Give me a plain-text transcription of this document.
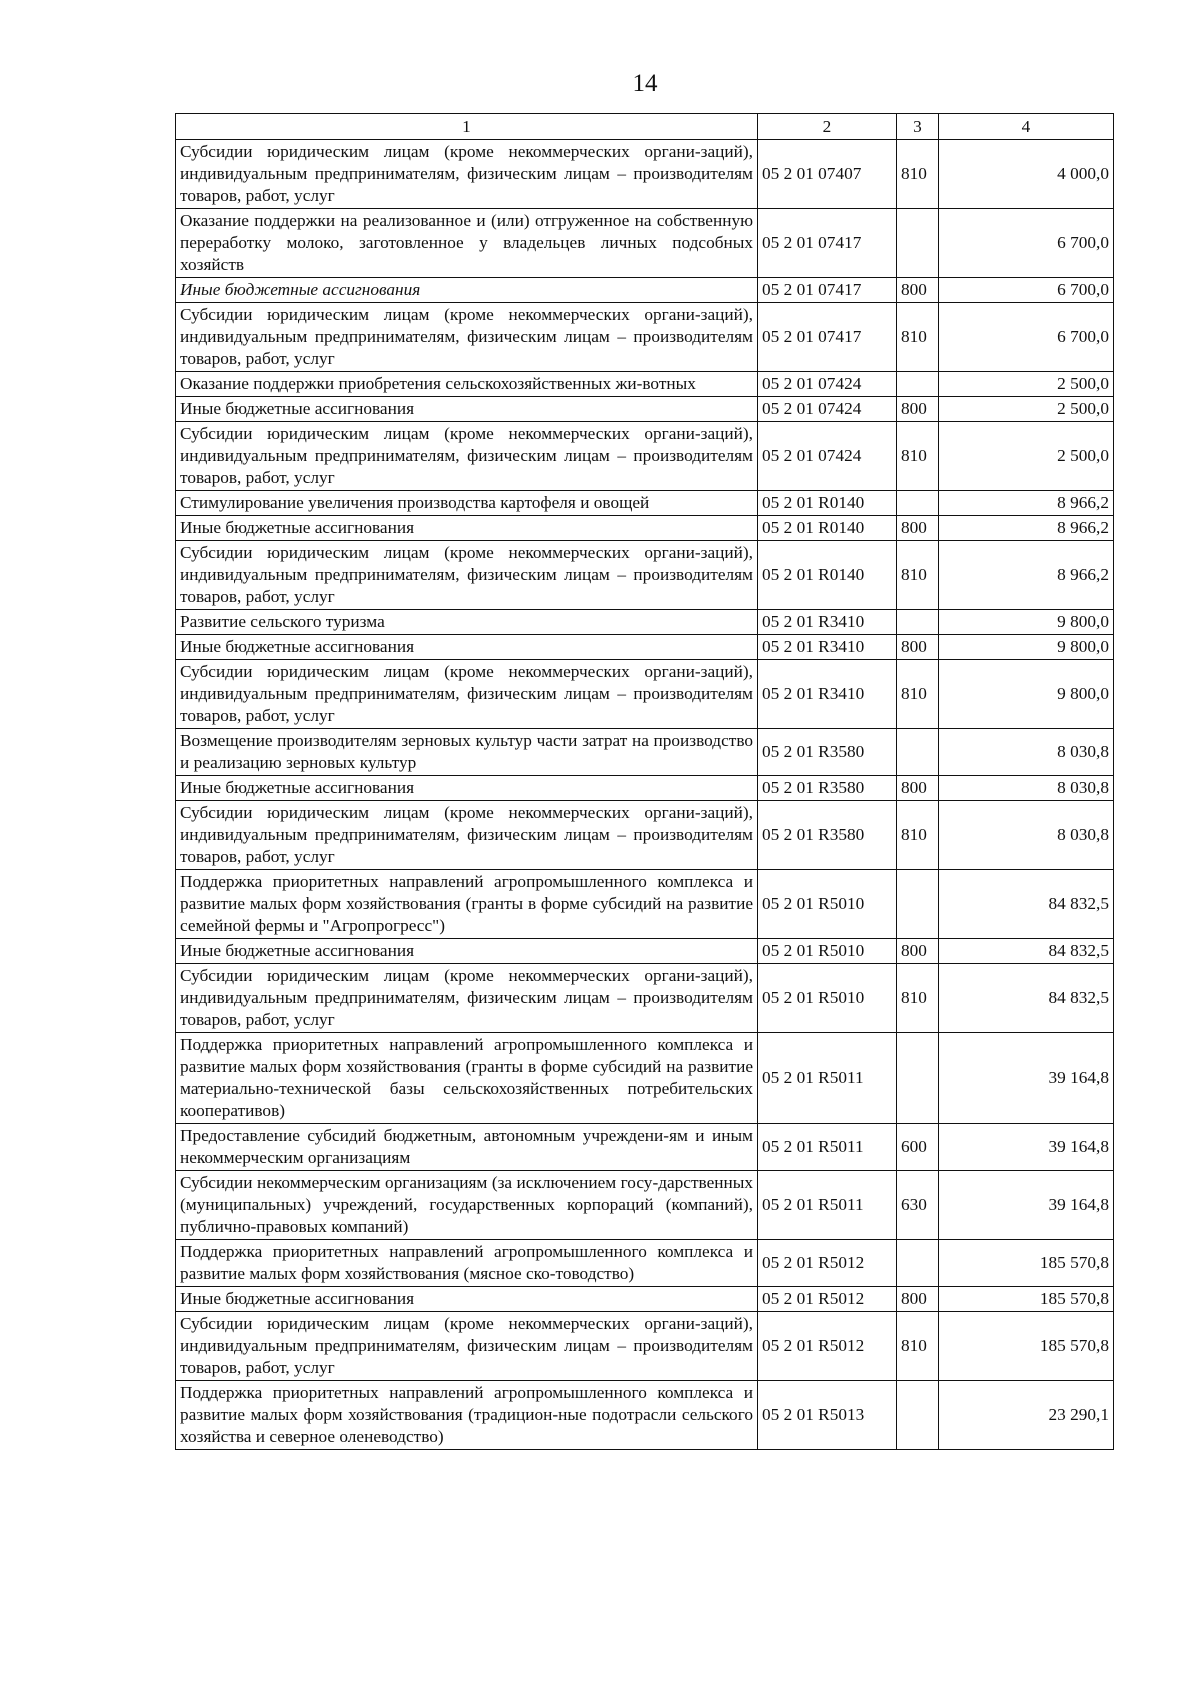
14
1	2	3	4
Субсидии юридическим лицам (кроме некоммерческих органи-заций), индивидуальным предпринимателям, физическим лицам – производителям товаров, работ, услуг	05 2 01 07407	810	4 000,0
Оказание поддержки на реализованное и (или) отгруженное на собственную переработку молоко, заготовленное у владельцев личных подсобных хозяйств	05 2 01 07417		6 700,0
Иные бюджетные ассигнования	05 2 01 07417	800	6 700,0
Субсидии юридическим лицам (кроме некоммерческих органи-заций), индивидуальным предпринимателям, физическим лицам – производителям товаров, работ, услуг	05 2 01 07417	810	6 700,0
Оказание поддержки приобретения сельскохозяйственных жи-вотных	05 2 01 07424		2 500,0
Иные бюджетные ассигнования	05 2 01 07424	800	2 500,0
Субсидии юридическим лицам (кроме некоммерческих органи-заций), индивидуальным предпринимателям, физическим лицам – производителям товаров, работ, услуг	05 2 01 07424	810	2 500,0
Стимулирование увеличения производства картофеля и овощей	05 2 01 R0140		8 966,2
Иные бюджетные ассигнования	05 2 01 R0140	800	8 966,2
Субсидии юридическим лицам (кроме некоммерческих органи-заций), индивидуальным предпринимателям, физическим лицам – производителям товаров, работ, услуг	05 2 01 R0140	810	8 966,2
Развитие сельского туризма	05 2 01 R3410		9 800,0
Иные бюджетные ассигнования	05 2 01 R3410	800	9 800,0
Субсидии юридическим лицам (кроме некоммерческих органи-заций), индивидуальным предпринимателям, физическим лицам – производителям товаров, работ, услуг	05 2 01 R3410	810	9 800,0
Возмещение производителям зерновых культур части затрат на производство и реализацию зерновых культур	05 2 01 R3580		8 030,8
Иные бюджетные ассигнования	05 2 01 R3580	800	8 030,8
Субсидии юридическим лицам (кроме некоммерческих органи-заций), индивидуальным предпринимателям, физическим лицам – производителям товаров, работ, услуг	05 2 01 R3580	810	8 030,8
Поддержка приоритетных направлений агропромышленного комплекса и развитие малых форм хозяйствования (гранты в форме субсидий на развитие семейной фермы и "Агропрогресс")	05 2 01 R5010		84 832,5
Иные бюджетные ассигнования	05 2 01 R5010	800	84 832,5
Субсидии юридическим лицам (кроме некоммерческих органи-заций), индивидуальным предпринимателям, физическим лицам – производителям товаров, работ, услуг	05 2 01 R5010	810	84 832,5
Поддержка приоритетных направлений агропромышленного комплекса и развитие малых форм хозяйствования (гранты в форме субсидий на развитие материально-технической базы сельскохозяйственных потребительских кооперативов)	05 2 01 R5011		39 164,8
Предоставление субсидий бюджетным, автономным учреждени-ям и иным некоммерческим организациям	05 2 01 R5011	600	39 164,8
Субсидии некоммерческим организациям (за исключением госу-дарственных (муниципальных) учреждений, государственных корпораций (компаний), публично-правовых компаний)	05 2 01 R5011	630	39 164,8
Поддержка приоритетных направлений агропромышленного комплекса и развитие малых форм хозяйствования (мясное ско-товодство)	05 2 01 R5012		185 570,8
Иные бюджетные ассигнования	05 2 01 R5012	800	185 570,8
Субсидии юридическим лицам (кроме некоммерческих органи-заций), индивидуальным предпринимателям, физическим лицам – производителям товаров, работ, услуг	05 2 01 R5012	810	185 570,8
Поддержка приоритетных направлений агропромышленного комплекса и развитие малых форм хозяйствования (традицион-ные подотрасли сельского хозяйства и северное оленеводство)	05 2 01 R5013		23 290,1
